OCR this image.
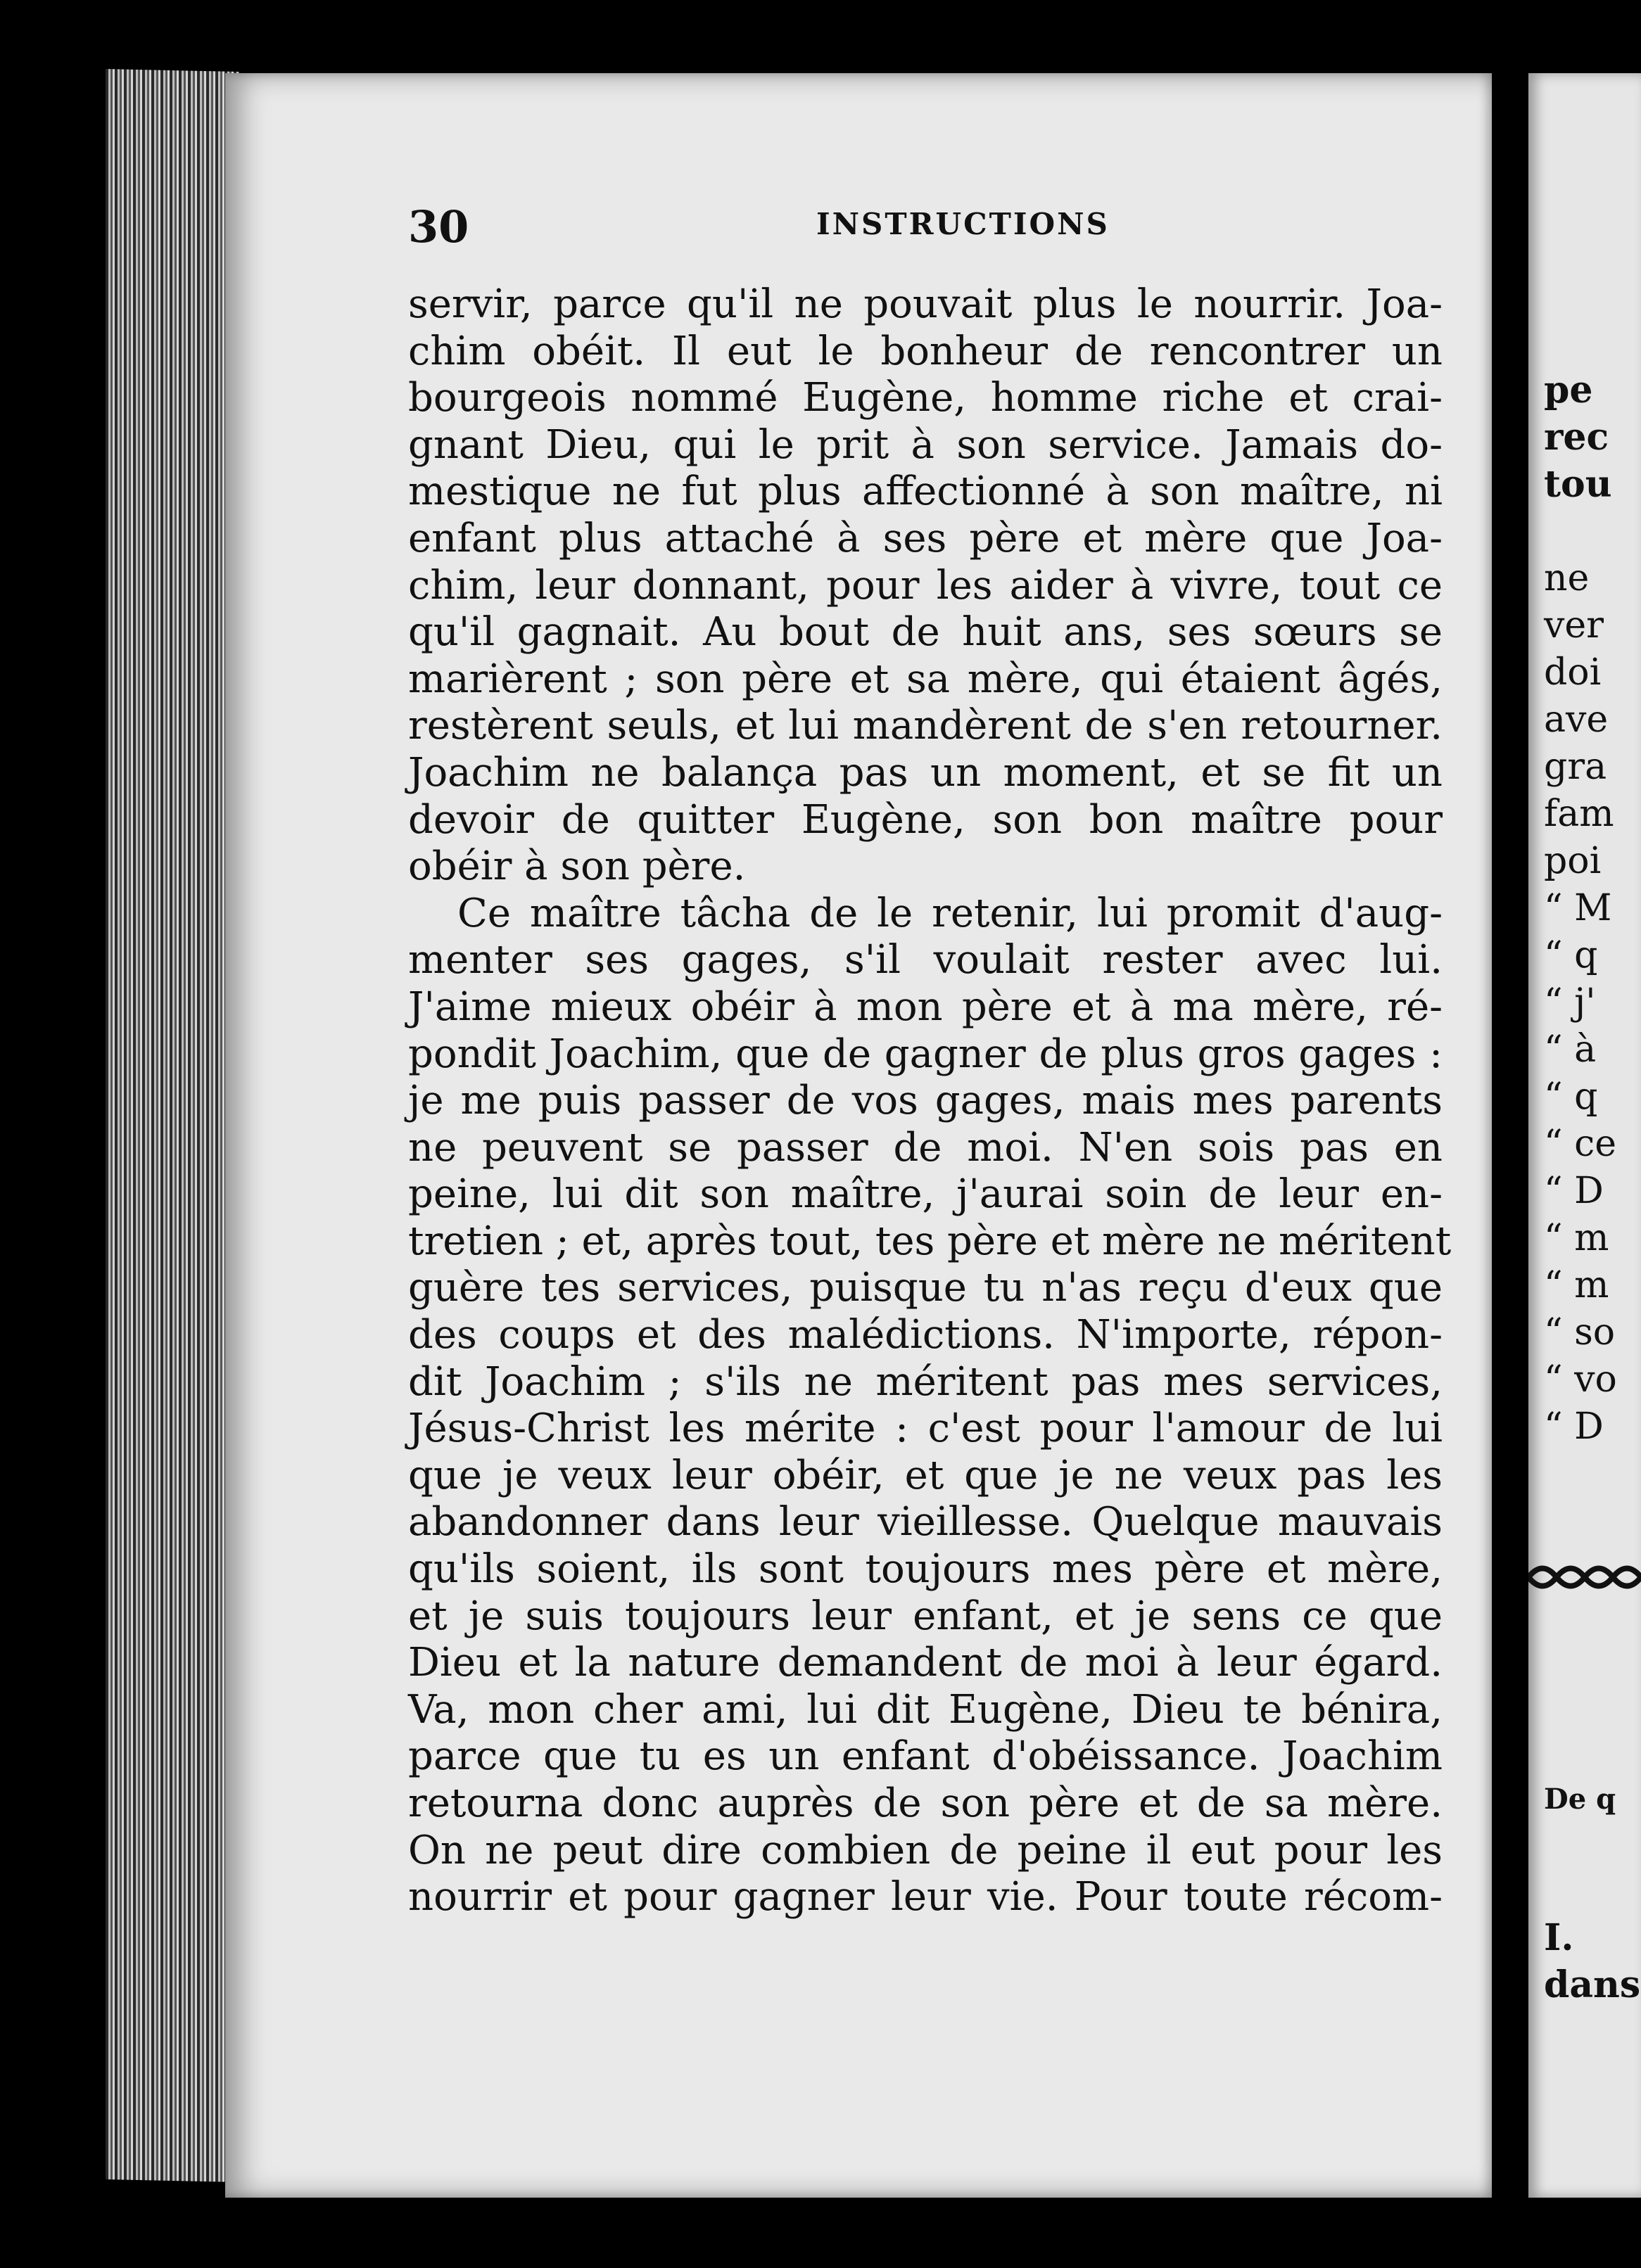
30	INSTRUCTIONS
servir, parce qu'il ne pouvait plus le nourrir. Joa-
chim obéit. Il eut le bonheur de rencontrer un
bourgeois nommé Eugène, homme riche et crai-
gnant Dieu, qui le prit à son service. Jamais do-
mestique ne fut plus affectionné à son maître, ni
enfant plus attaché à ses père et mère que Joa-
chim, leur donnant, pour les aider à vivre, tout ce
qu'il gagnait. Au bout de huit ans, ses sœurs se
marièrent ; son père et sa mère, qui étaient âgés,
restèrent seuls, et lui mandèrent de s'en retourner.
Joachim ne balança pas un moment, et se fit un
devoir de quitter Eugène, son bon maître pour
obéir à son père.
Ce maître tâcha de le retenir, lui promit d'aug-
menter ses gages, s'il voulait rester avec lui.
J'aime mieux obéir à mon père et à ma mère, ré-
pondit Joachim, que de gagner de plus gros gages :
je me puis passer de vos gages, mais mes parents
ne peuvent se passer de moi. N'en sois pas en
peine, lui dit son maître, j'aurai soin de leur en-
tretien ; et, après tout, tes père et mère ne méritent
guère tes services, puisque tu n'as reçu d'eux que
des coups et des malédictions. N'importe, répon-
dit Joachim ; s'ils ne méritent pas mes services,
Jésus-Christ les mérite : c'est pour l'amour de lui
que je veux leur obéir, et que je ne veux pas les
abandonner dans leur vieillesse. Quelque mauvais
qu'ils soient, ils sont toujours mes père et mère,
et je suis toujours leur enfant, et je sens ce que
Dieu et la nature demandent de moi à leur égard.
Va, mon cher ami, lui dit Eugène, Dieu te bénira,
parce que tu es un enfant d'obéissance. Joachim
retourna donc auprès de son père et de sa mère.
On ne peut dire combien de peine il eut pour les
nourrir et pour gagner leur vie. Pour toute récom-
pe
rec
tou
ne
ver
doi
ave
gra
fam
poi
“ M
“ q
“ j'
“ à
“ q
“ ce
“ D
“ m
“ m
“ so
“ vo
“ D
De q
I.
dans
